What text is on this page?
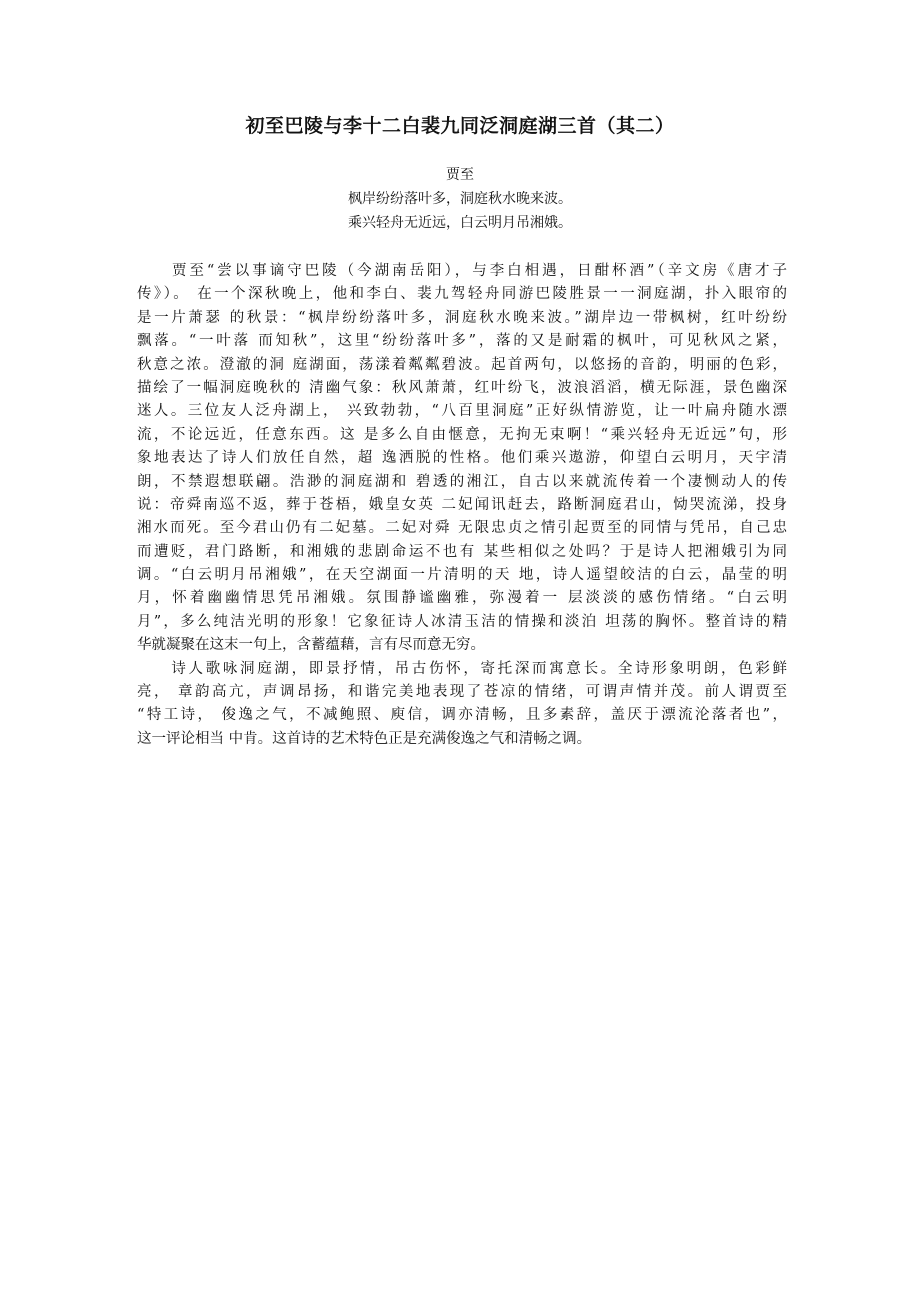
初至巴陵与李十二白裴九同泛洞庭湖三首（其二）
贾至
枫岸纷纷落叶多，洞庭秋水晚来波。
乘兴轻舟无近远，白云明月吊湘娥。
　　贾至“尝以事谪守巴陵（今湖南岳阳），与李白相遇，日酣杯酒”（辛文房《唐才子
传》）。 在一个深秋晚上，他和李白、裴九驾轻舟同游巴陵胜景一一洞庭湖，扑入眼帘的
是一片萧瑟 的秋景：“枫岸纷纷落叶多，洞庭秋水晚来波。”湖岸边一带枫树，红叶纷纷
飘落。“一叶落 而知秋”，这里“纷纷落叶多”，落的又是耐霜的枫叶，可见秋风之紧，
秋意之浓。澄澈的洞 庭湖面，荡漾着粼粼碧波。起首两句，以悠扬的音韵，明丽的色彩，
描绘了一幅洞庭晚秋的 清幽气象：秋风萧萧，红叶纷飞，波浪滔滔，横无际涯，景色幽深
迷人。三位友人泛舟湖上， 兴致勃勃，“八百里洞庭”正好纵情游览，让一叶扁舟随水漂
流，不论远近，任意东西。这 是多么自由惬意，无拘无束啊！“乘兴轻舟无近远”句，形
象地表达了诗人们放任自然，超 逸洒脱的性格。他们乘兴遨游，仰望白云明月，天宇清
朗，不禁遐想联翩。浩渺的洞庭湖和 碧透的湘江，自古以来就流传着一个凄恻动人的传
说：帝舜南巡不返，葬于苍梧，娥皇女英 二妃闻讯赶去，路断洞庭君山，恸哭流涕，投身
湘水而死。至今君山仍有二妃墓。二妃对舜 无限忠贞之情引起贾至的同情与凭吊，自己忠
而遭贬，君门路断，和湘娥的悲剧命运不也有 某些相似之处吗？于是诗人把湘娥引为同
调。“白云明月吊湘娥”，在天空湖面一片清明的天 地，诗人遥望皎洁的白云，晶莹的明
月，怀着幽幽情思凭吊湘娥。氛围静谧幽雅，弥漫着一 层淡淡的感伤情绪。“白云明
月”，多么纯洁光明的形象！它象征诗人冰清玉洁的情操和淡泊 坦荡的胸怀。整首诗的精
华就凝聚在这末一句上，含蓄蕴藉，言有尽而意无穷。
　　诗人歌咏洞庭湖，即景抒情，吊古伤怀，寄托深而寓意长。全诗形象明朗，色彩鲜
亮， 章韵高亢，声调昂扬，和谐完美地表现了苍凉的情绪，可谓声情并茂。前人谓贾至
“特工诗， 俊逸之气，不减鲍照、庾信，调亦清畅，且多素辞，盖厌于漂流沦落者也”，
这一评论相当 中肯。这首诗的艺术特色正是充满俊逸之气和清畅之调。
